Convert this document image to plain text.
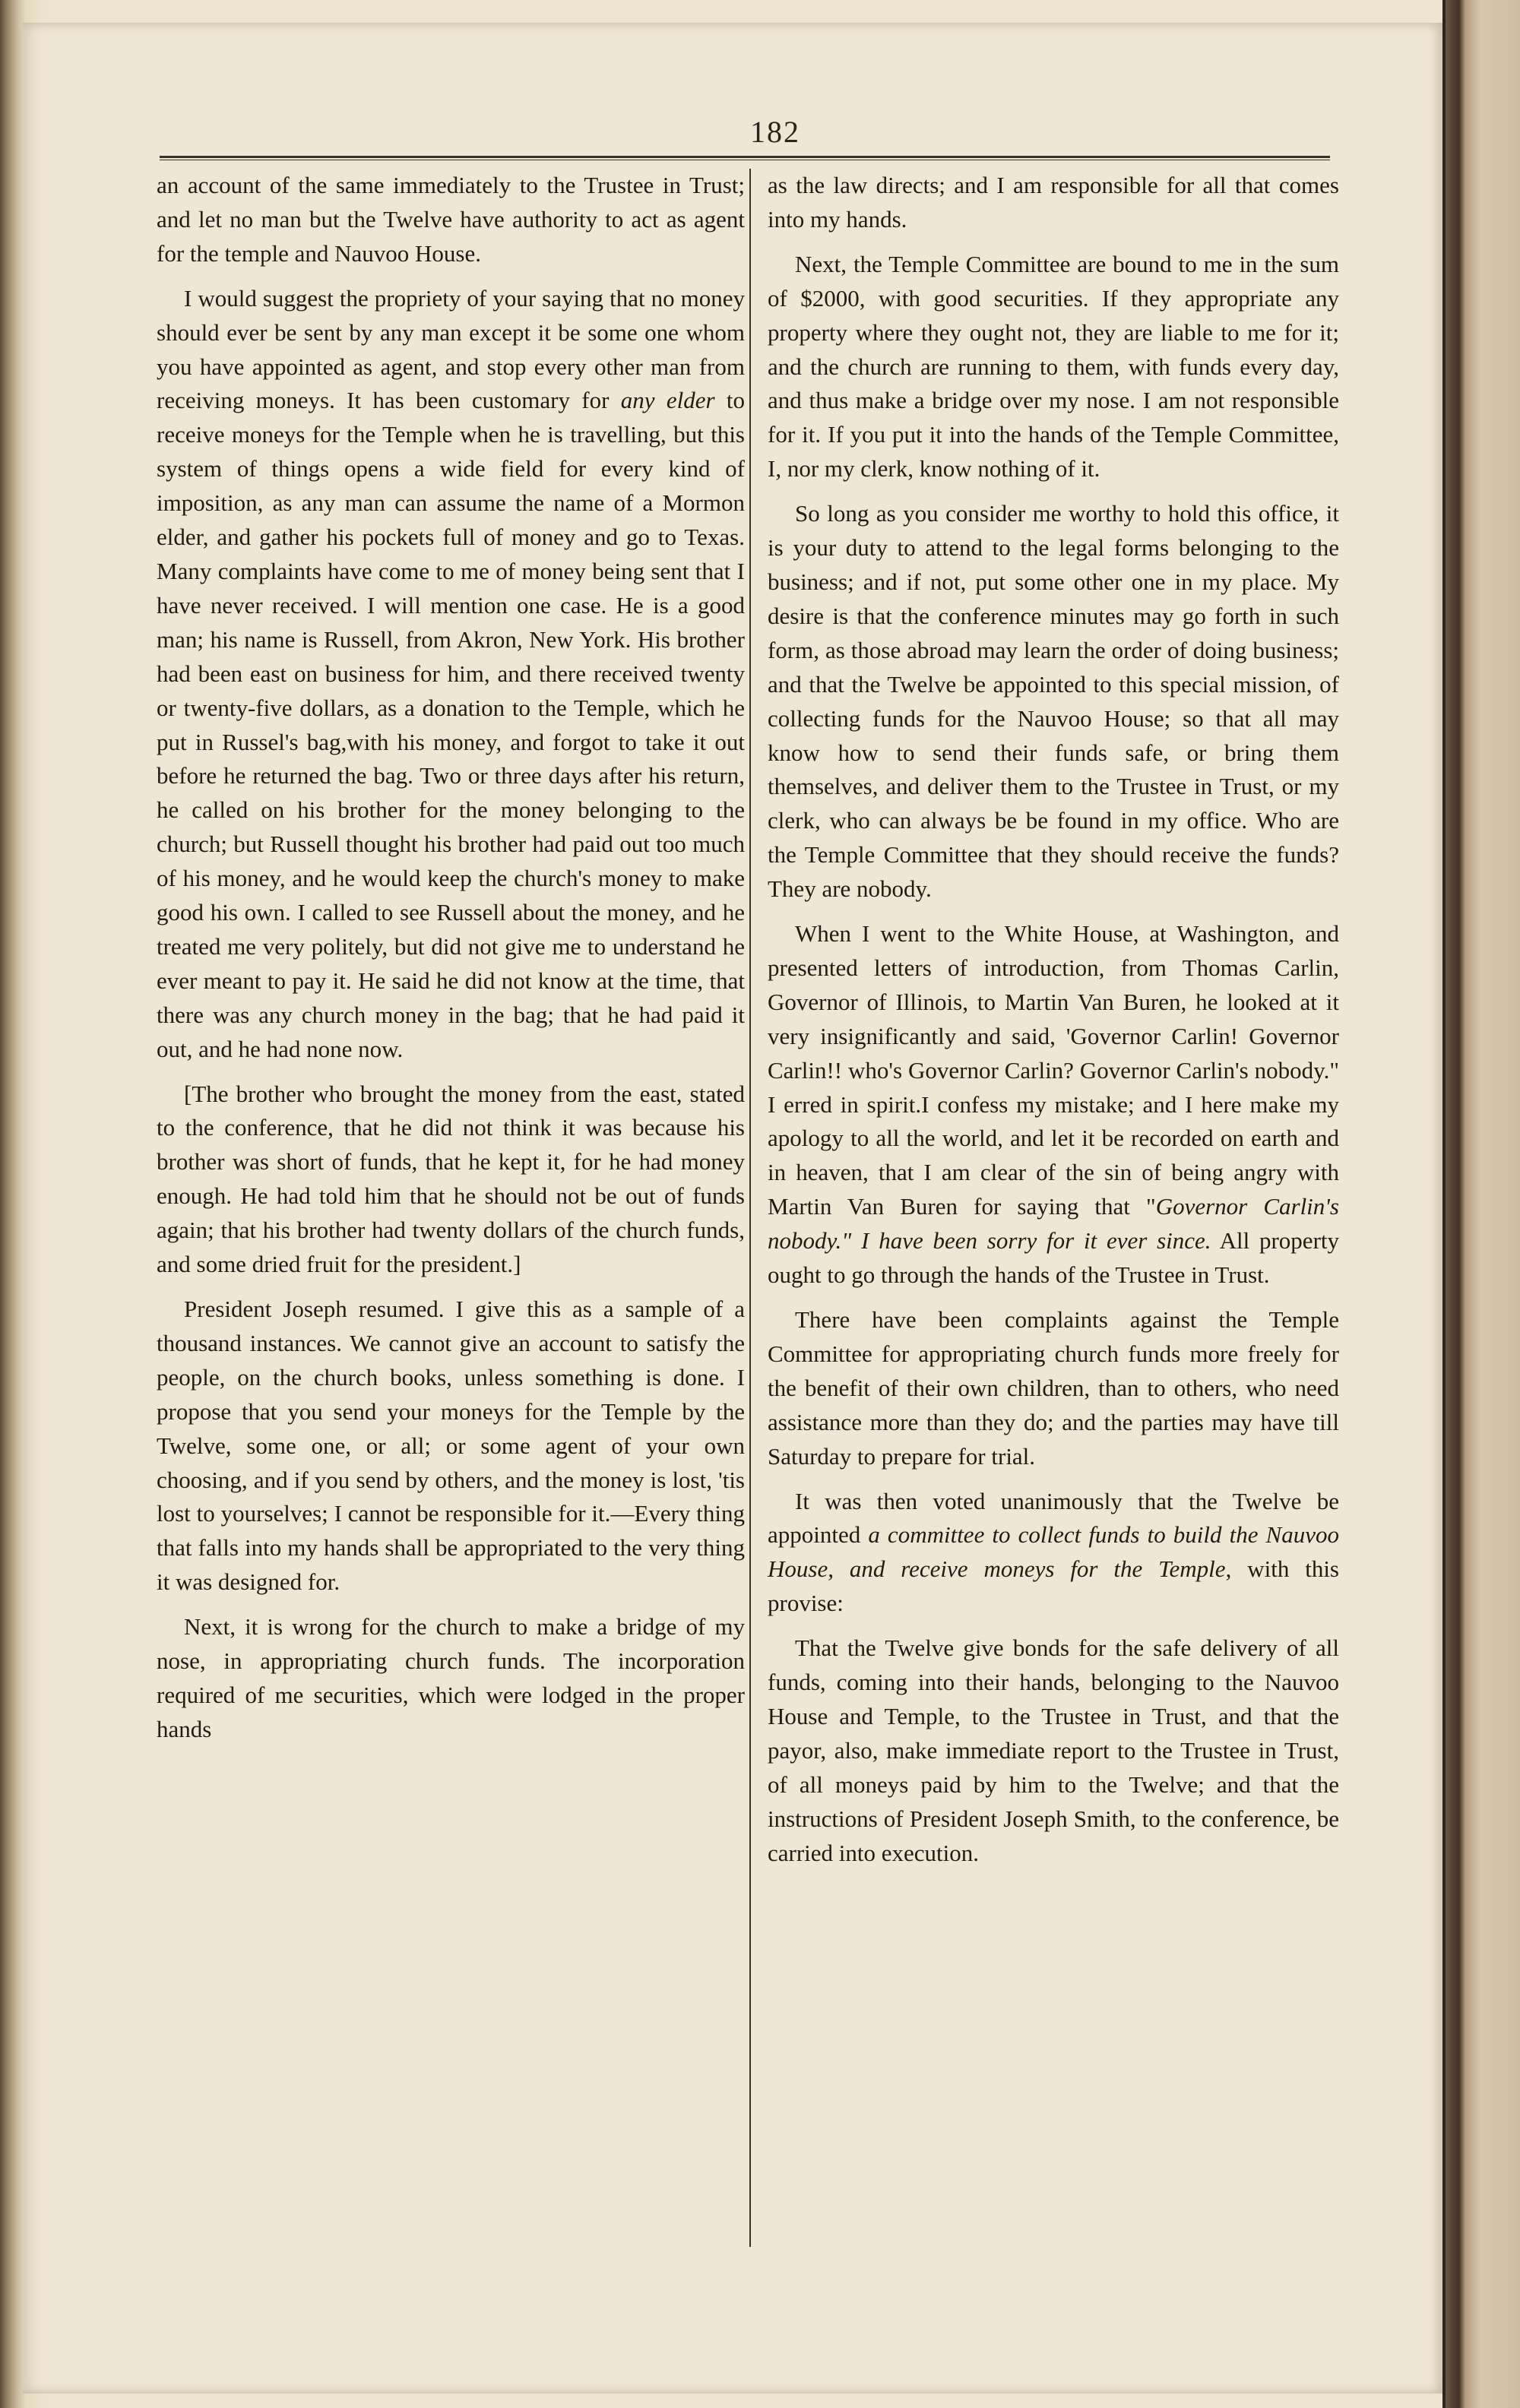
182

an account of the same immediately to the Trustee in Trust; and let no man but the Twelve have authority to act as agent for the temple and Nauvoo House.

I would suggest the propriety of your saying that no money should ever be sent by any man except it be some one whom you have appointed as agent, and stop every other man from receiving moneys. It has been customary for any elder to receive moneys for the Temple when he is travelling, but this system of things opens a wide field for every kind of imposition, as any man can assume the name of a Mormon elder, and gather his pockets full of money and go to Texas. Many complaints have come to me of money being sent that I have never received. I will mention one case. He is a good man; his name is Russell, from Akron, New York. His brother had been east on business for him, and there received twenty or twenty-five dollars, as a donation to the Temple, which he put in Russel's bag,with his money, and forgot to take it out before he returned the bag. Two or three days after his return, he called on his brother for the money belonging to the church; but Russell thought his brother had paid out too much of his money, and he would keep the church's money to make good his own. I called to see Russell about the money, and he treated me very politely, but did not give me to understand he ever meant to pay it. He said he did not know at the time, that there was any church money in the bag; that he had paid it out, and he had none now.

[The brother who brought the money from the east, stated to the conference, that he did not think it was because his brother was short of funds, that he kept it, for he had money enough. He had told him that he should not be out of funds again; that his brother had twenty dollars of the church funds, and some dried fruit for the president.]

President Joseph resumed. I give this as a sample of a thousand instances. We cannot give an account to satisfy the people, on the church books, unless something is done. I propose that you send your moneys for the Temple by the Twelve, some one, or all; or some agent of your own choosing, and if you send by others, and the money is lost, 'tis lost to yourselves; I cannot be responsible for it.—Every thing that falls into my hands shall be appropriated to the very thing it was designed for.

Next, it is wrong for the church to make a bridge of my nose, in appropriating church funds. The incorporation required of me securities, which were lodged in the proper hands

as the law directs; and I am responsible for all that comes into my hands.

Next, the Temple Committee are bound to me in the sum of $2000, with good securities. If they appropriate any property where they ought not, they are liable to me for it; and the church are running to them, with funds every day, and thus make a bridge over my nose. I am not responsible for it. If you put it into the hands of the Temple Committee, I, nor my clerk, know nothing of it.

So long as you consider me worthy to hold this office, it is your duty to attend to the legal forms belonging to the business; and if not, put some other one in my place. My desire is that the conference minutes may go forth in such form, as those abroad may learn the order of doing business; and that the Twelve be appointed to this special mission, of collecting funds for the Nauvoo House; so that all may know how to send their funds safe, or bring them themselves, and deliver them to the Trustee in Trust, or my clerk, who can always be be found in my office. Who are the Temple Committee that they should receive the funds? They are nobody.

When I went to the White House, at Washington, and presented letters of introduction, from Thomas Carlin, Governor of Illinois, to Martin Van Buren, he looked at it very insignificantly and said, 'Governor Carlin! Governor Carlin!! who's Governor Carlin? Governor Carlin's nobody." I erred in spirit.I confess my mistake; and I here make my apology to all the world, and let it be recorded on earth and in heaven, that I am clear of the sin of being angry with Martin Van Buren for saying that "Governor Carlin's nobody." I have been sorry for it ever since. All property ought to go through the hands of the Trustee in Trust.

There have been complaints against the Temple Committee for appropriating church funds more freely for the benefit of their own children, than to others, who need assistance more than they do; and the parties may have till Saturday to prepare for trial.

It was then voted unanimously that the Twelve be appointed a committee to collect funds to build the Nauvoo House, and receive moneys for the Temple, with this provise:

That the Twelve give bonds for the safe delivery of all funds, coming into their hands, belonging to the Nauvoo House and Temple, to the Trustee in Trust, and that the payor, also, make immediate report to the Trustee in Trust, of all moneys paid by him to the Twelve; and that the instructions of President Joseph Smith, to the conference, be carried into execution.
